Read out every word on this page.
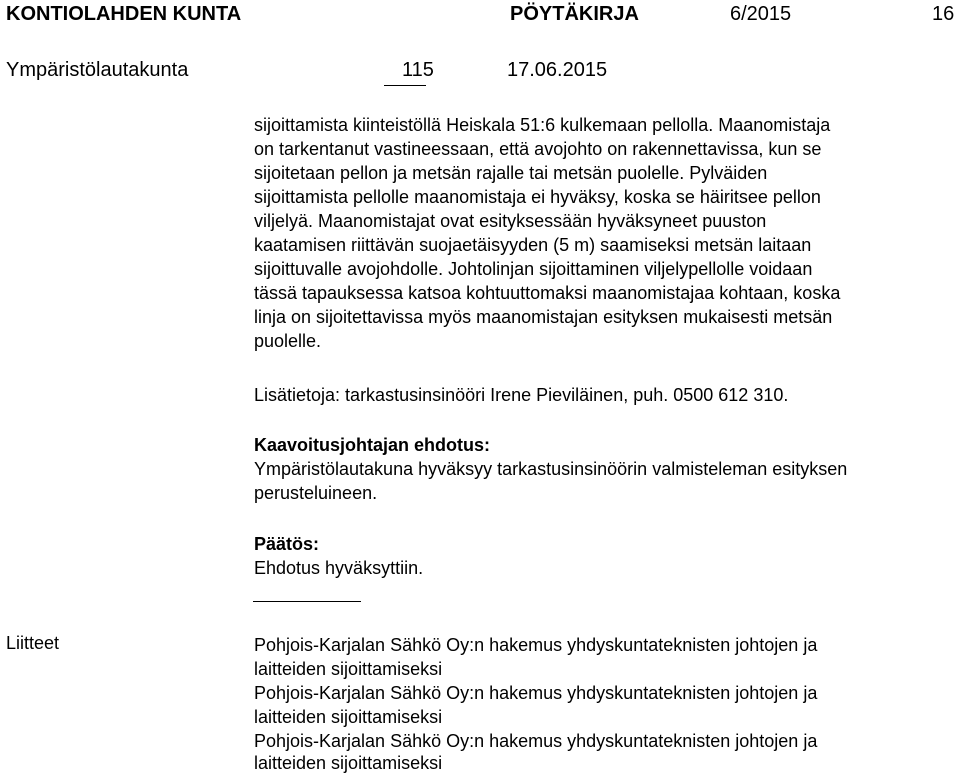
KONTIOLAHDEN KUNTA	PÖYTÄKIRJA	6/2015	16
Ympäristölautakunta	115	17.06.2015
sijoittamista kiinteistöllä Heiskala 51:6 kulkemaan pellolla. Maanomistaja
on tarkentanut vastineessaan, että avojohto on rakennettavissa, kun se
sijoitetaan pellon ja metsän rajalle tai metsän puolelle. Pylväiden
sijoittamista pellolle maanomistaja ei hyväksy, koska se häiritsee pellon
viljelyä. Maanomistajat ovat esityksessään hyväksyneet puuston
kaatamisen riittävän suojaetäisyyden (5 m) saamiseksi metsän laitaan
sijoittuvalle avojohdolle. Johtolinjan sijoittaminen viljelypellolle voidaan
tässä tapauksessa katsoa kohtuuttomaksi maanomistajaa kohtaan, koska
linja on sijoitettavissa myös maanomistajan esityksen mukaisesti metsän
puolelle.
Lisätietoja: tarkastusinsinööri Irene Pieviläinen, puh. 0500 612 310.
Kaavoitusjohtajan ehdotus:
Ympäristölautakuna hyväksyy tarkastusinsinöörin valmisteleman esityksen
perusteluineen.
Päätös:
Ehdotus hyväksyttiin.
Liitteet	Pohjois-Karjalan Sähkö Oy:n hakemus yhdyskuntateknisten johtojen ja
laitteiden sijoittamiseksi
Pohjois-Karjalan Sähkö Oy:n hakemus yhdyskuntateknisten johtojen ja
laitteiden sijoittamiseksi
Pohjois-Karjalan Sähkö Oy:n hakemus yhdyskuntateknisten johtojen ja
laitteiden sijoittamiseksi
